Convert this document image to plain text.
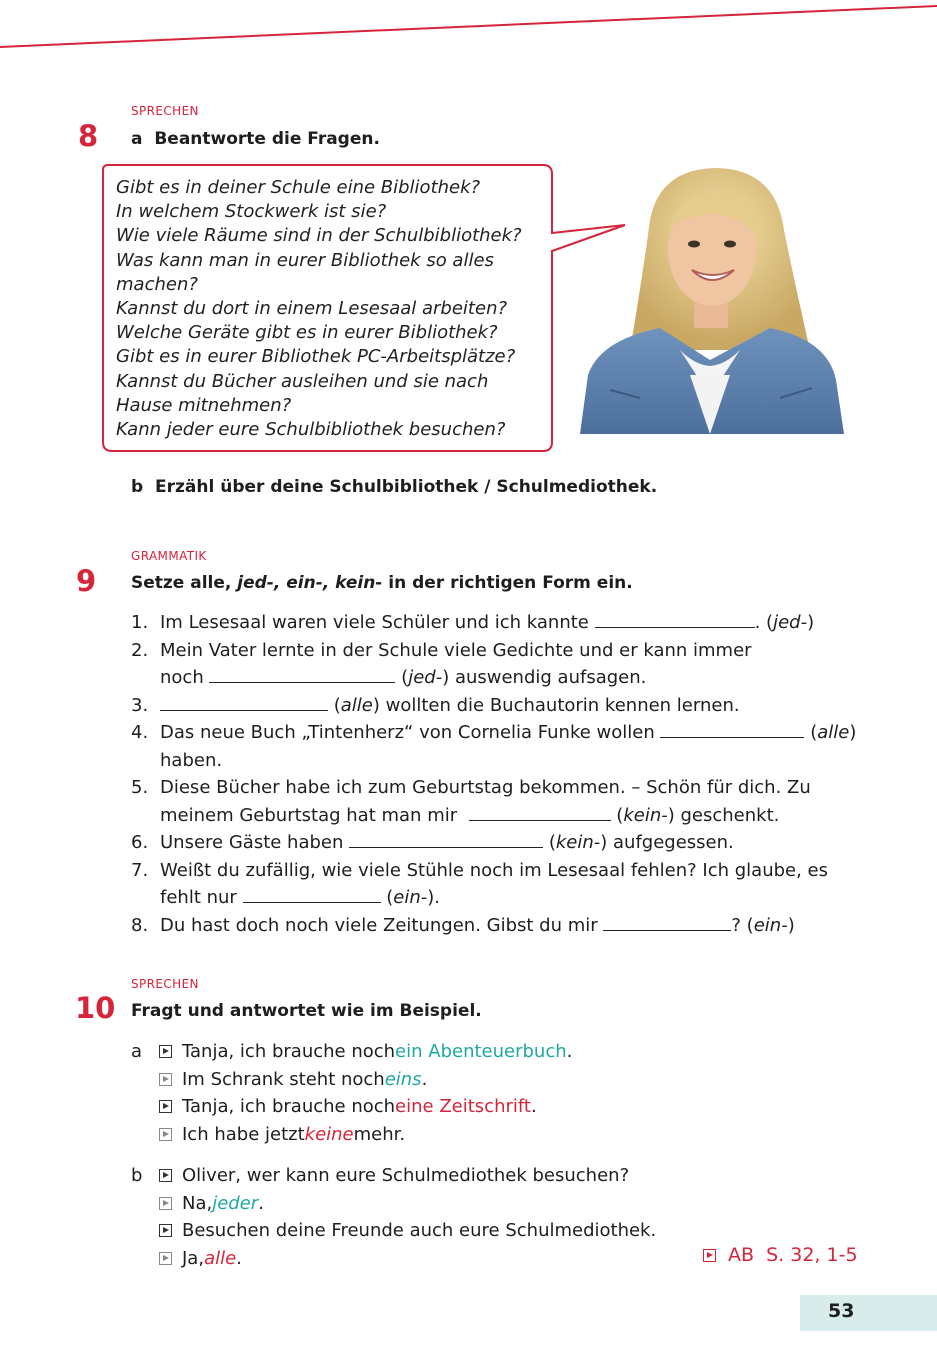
SPRECHEN
8 a Beantworte die Fragen.
Gibt es in deiner Schule eine Bibliothek?
In welchem Stockwerk ist sie?
Wie viele Räume sind in der Schulbibliothek?
Was kann man in eurer Bibliothek so alles
machen?
Kannst du dort in einem Lesesaal arbeiten?
Welche Geräte gibt es in eurer Bibliothek?
Gibt es in eurer Bibliothek PC-Arbeitsplätze?
Kannst du Bücher ausleihen und sie nach
Hause mitnehmen?
Kann jeder eure Schulbibliothek besuchen?
b Erzähl über deine Schulbibliothek / Schulmediothek.
GRAMMATIK
9 Setze alle, jed-, ein-, kein- in der richtigen Form ein.
1. Im Lesesaal waren viele Schüler und ich kannte	. (jed-)
2. Mein Vater lernte in der Schule viele Gedichte und er kann immer
noch	(jed-) auswendig aufsagen.
3.	(alle) wollten die Buchautorin kennen lernen.
4. Das neue Buch „Tintenherz“ von Cornelia Funke wollen	(alle)
haben.
5. Diese Bücher habe ich zum Geburtstag bekommen. – Schön für dich. Zu
meinem Geburtstag hat man mir	(kein-) geschenkt.
6. Unsere Gäste haben	(kein-) aufgegessen.
7. Weißt du zufällig, wie viele Stühle noch im Lesesaal fehlen? Ich glaube, es
fehlt nur	(ein-).
8. Du hast doch noch viele Zeitungen. Gibst du mir	? (ein-)
SPRECHEN
10 Fragt und antwortet wie im Beispiel.
a	Tanja, ich brauche noch ein Abenteuerbuch .
Im Schrank steht noch eins .
Tanja, ich brauche noch eine Zeitschrift .
Ich habe jetzt keine mehr.
b	Oliver, wer kann eure Schulmediothek besuchen?
Na, jeder .
Besuchen deine Freunde auch eure Schulmediothek.
Ja, alle .	AB  S. 32, 1-5
53
